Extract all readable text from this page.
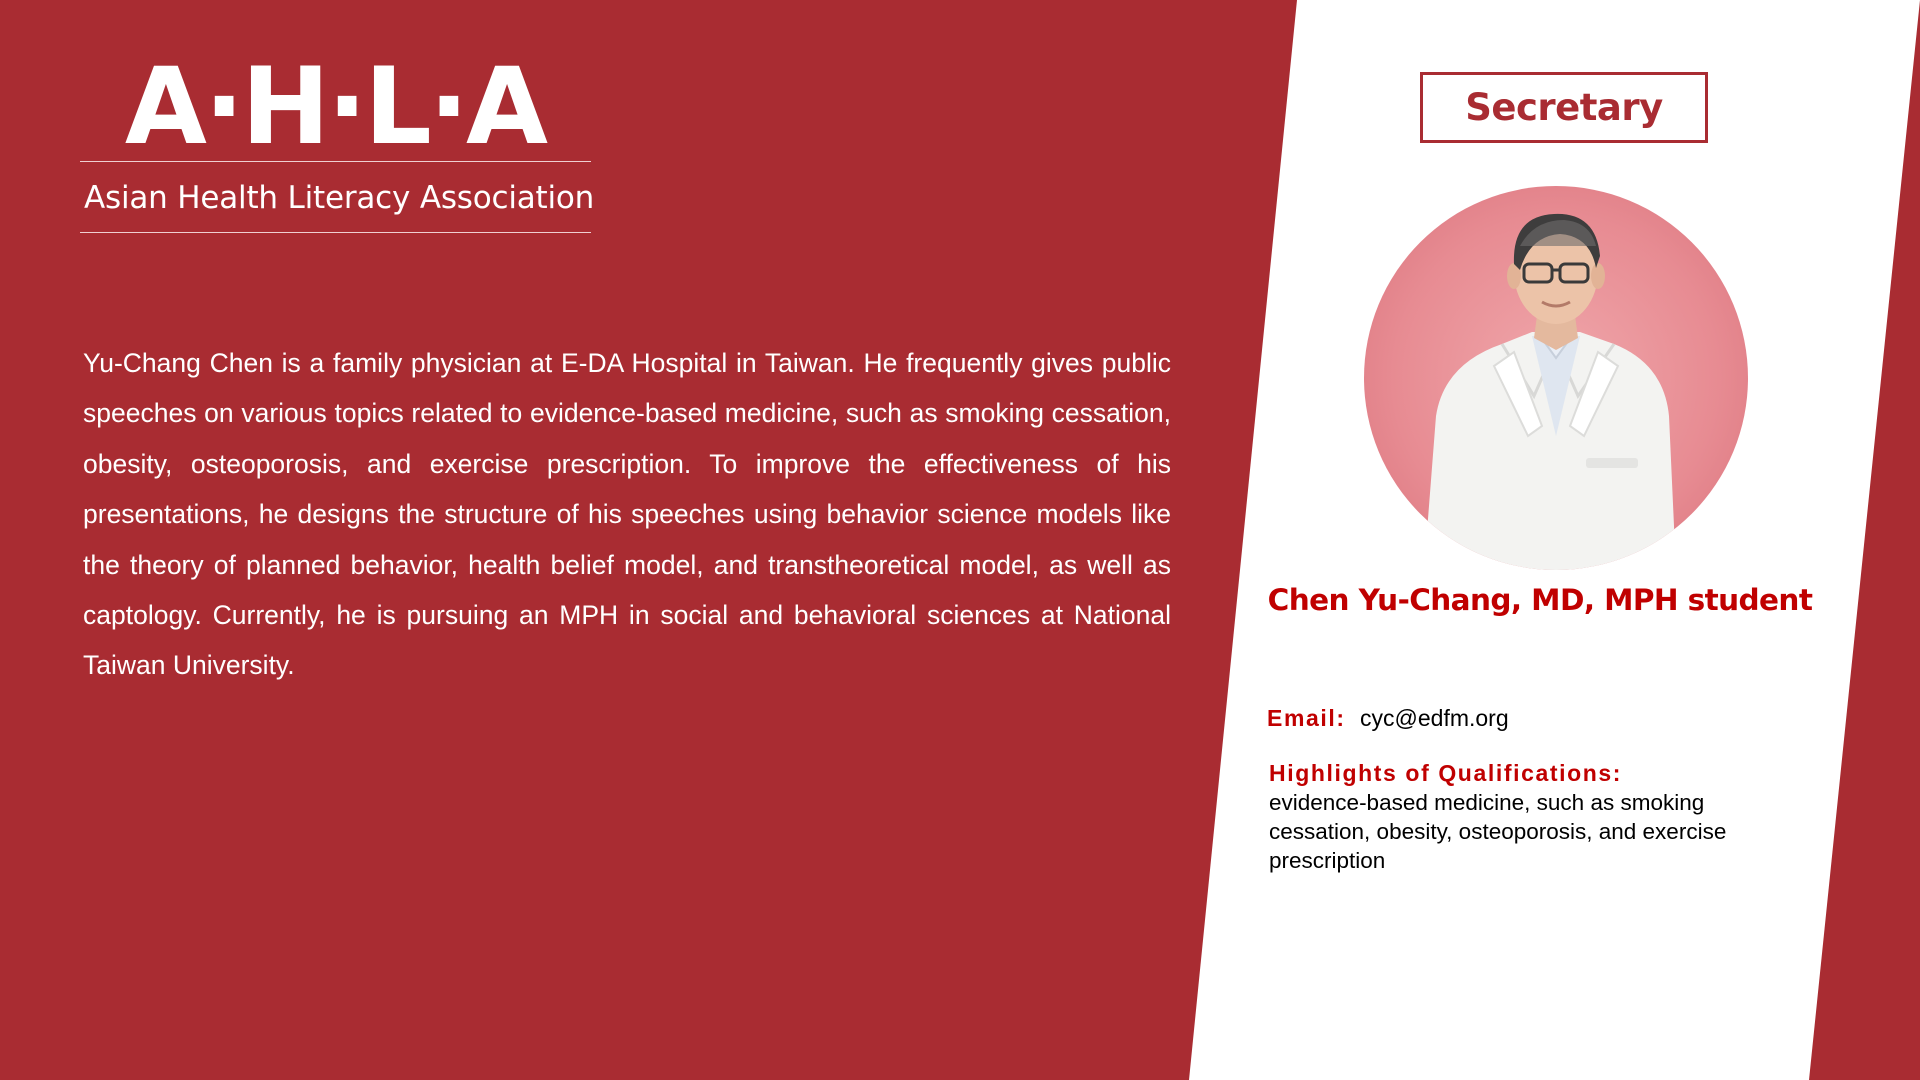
A·H·L·A
Asian Health Literacy Association

Yu-Chang Chen is a family physician at E-DA Hospital in Taiwan. He frequently gives public speeches on various topics related to evidence-based medicine, such as smoking cessation, obesity, osteoporosis, and exercise prescription. To improve the effectiveness of his presentations, he designs the structure of his speeches using behavior science models like the theory of planned behavior, health belief model, and transtheoretical model, as well as captology. Currently, he is pursuing an MPH in social and behavioral sciences at National Taiwan University.

Secretary
Chen Yu-Chang, MD, MPH student
Email: cyc@edfm.org
Highlights of Qualifications:
evidence-based medicine, such as smoking cessation, obesity, osteoporosis, and exercise prescription
